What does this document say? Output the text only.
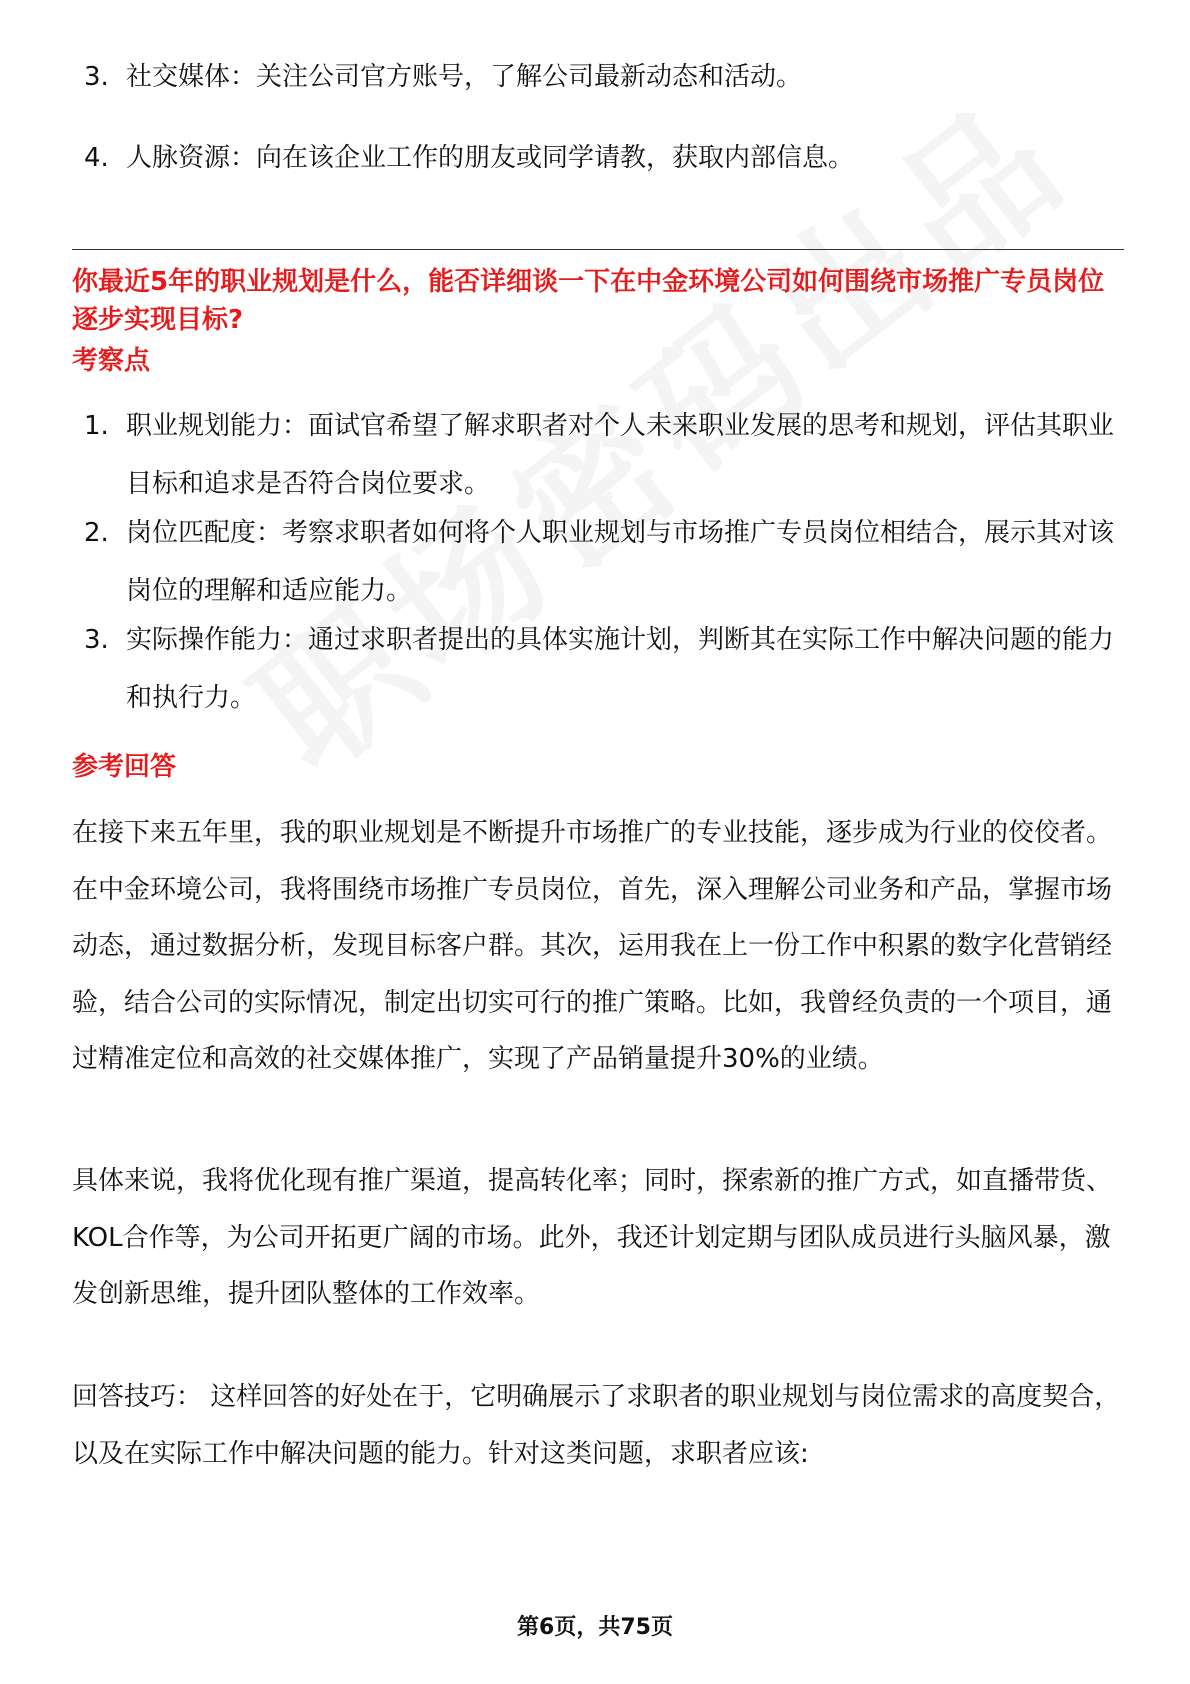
3. 社交媒体：关注公司官方账号，了解公司最新动态和活动。
4. 人脉资源：向在该企业工作的朋友或同学请教，获取内部信息。
你最近5年的职业规划是什么，能否详细谈一下在中金环境公司如何围绕市场推广专员岗位逐步实现目标?
考察点
1. 职业规划能力：面试官希望了解求职者对个人未来职业发展的思考和规划，评估其职业目标和追求是否符合岗位要求。
2. 岗位匹配度：考察求职者如何将个人职业规划与市场推广专员岗位相结合，展示其对该岗位的理解和适应能力。
3. 实际操作能力：通过求职者提出的具体实施计划，判断其在实际工作中解决问题的能力和执行力。
参考回答
在接下来五年里，我的职业规划是不断提升市场推广的专业技能，逐步成为行业的佼佼者。在中金环境公司，我将围绕市场推广专员岗位，首先，深入理解公司业务和产品，掌握市场动态，通过数据分析，发现目标客户群。其次，运用我在上一份工作中积累的数字化营销经验，结合公司的实际情况，制定出切实可行的推广策略。比如，我曾经负责的一个项目，通过精准定位和高效的社交媒体推广，实现了产品销量提升30%的业绩。
具体来说，我将优化现有推广渠道，提高转化率；同时，探索新的推广方式，如直播带货、KOL合作等，为公司开拓更广阔的市场。此外，我还计划定期与团队成员进行头脑风暴，激发创新思维，提升团队整体的工作效率。
回答技巧： 这样回答的好处在于，它明确展示了求职者的职业规划与岗位需求的高度契合，以及在实际工作中解决问题的能力。针对这类问题，求职者应该:
第6页，共75页
